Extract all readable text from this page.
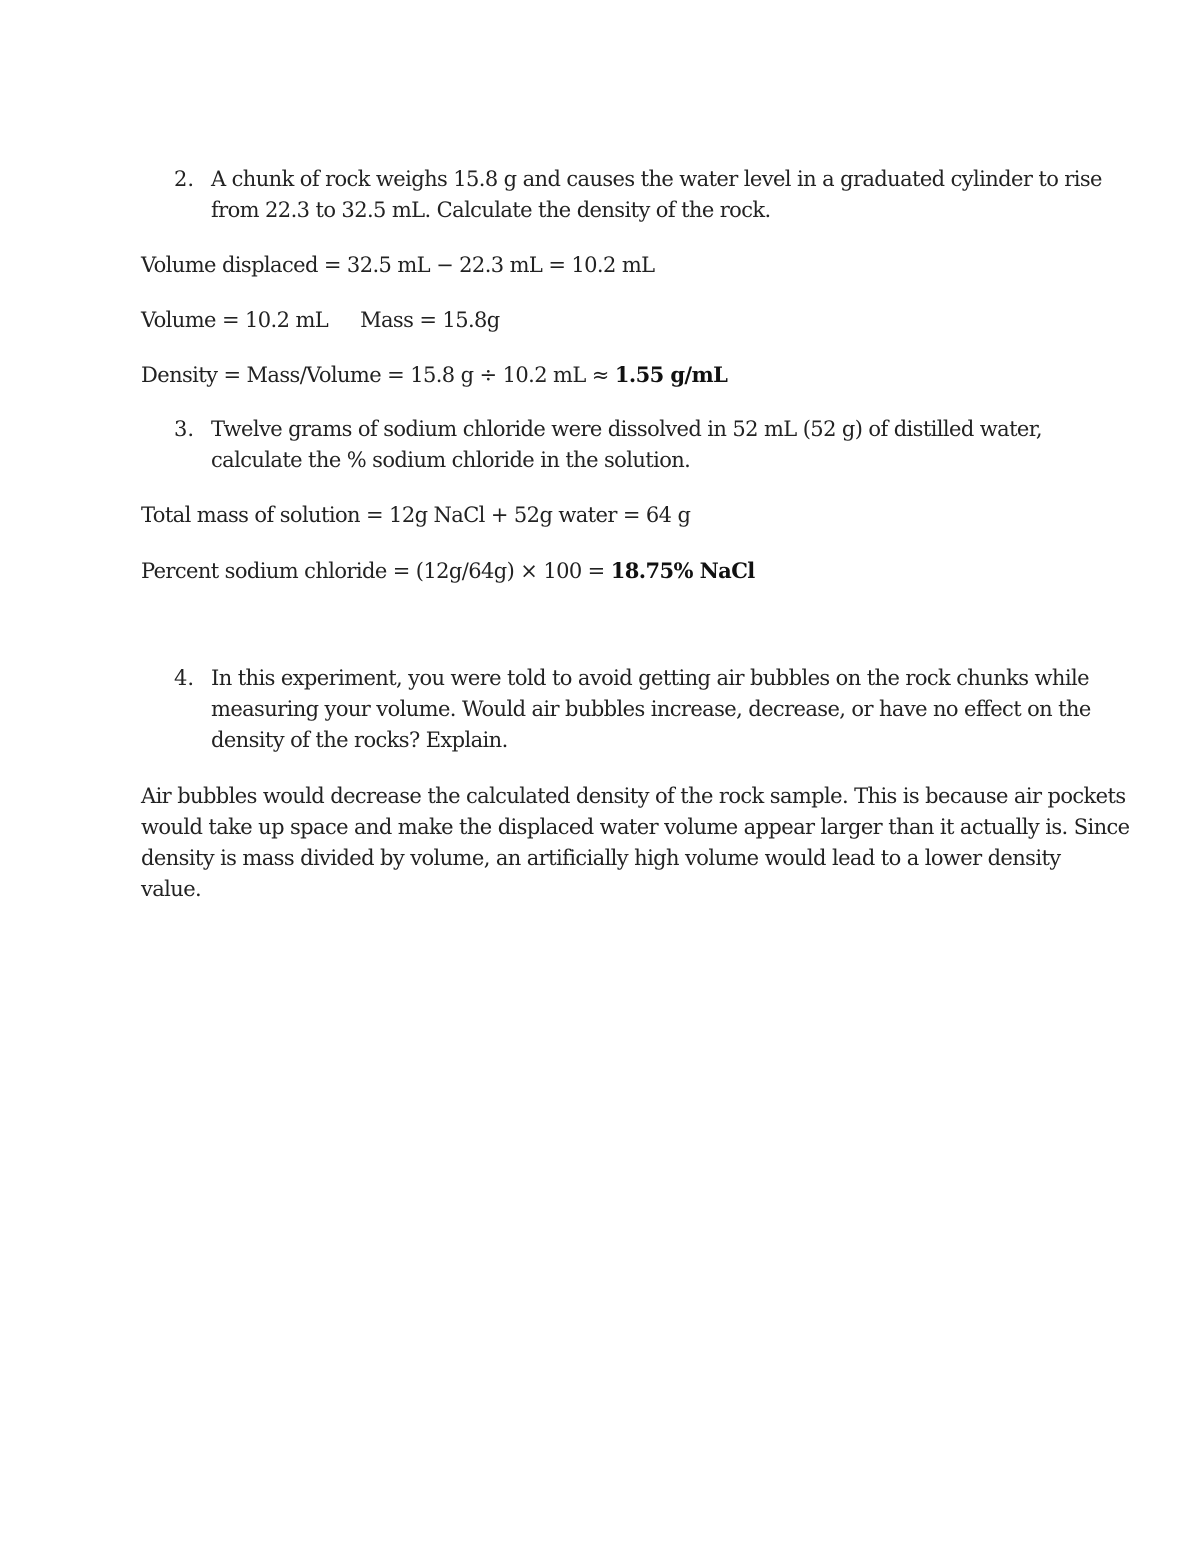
2. A chunk of rock weighs 15.8 g and causes the water level in a graduated cylinder to rise
from 22.3 to 32.5 mL. Calculate the density of the rock.
Volume displaced = 32.5 mL − 22.3 mL = 10.2 mL
Volume = 10.2 mL Mass = 15.8g
Density = Mass/Volume = 15.8 g ÷ 10.2 mL ≈ 1.55 g/mL
3. Twelve grams of sodium chloride were dissolved in 52 mL (52 g) of distilled water,
calculate the % sodium chloride in the solution.
Total mass of solution = 12g NaCl + 52g water = 64 g
Percent sodium chloride = (12g/64g) × 100 = 18.75% NaCl
4. In this experiment, you were told to avoid getting air bubbles on the rock chunks while
measuring your volume. Would air bubbles increase, decrease, or have no effect on the
density of the rocks? Explain.
Air bubbles would decrease the calculated density of the rock sample. This is because air pockets
would take up space and make the displaced water volume appear larger than it actually is. Since
density is mass divided by volume, an artificially high volume would lead to a lower density
value.
